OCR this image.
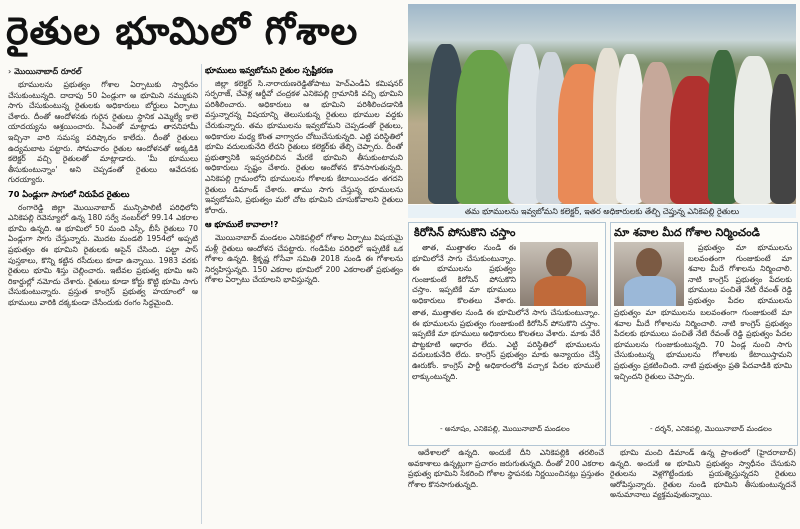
రైతుల భూమిలో గోశాల
తమ భూములను ఇవ్వబోమని కలెక్టర్‌, ఇతర అధికారులకు తేల్చి చెప్తున్న ఎనికెపల్లి రైతులు
› మొయినాబాద్ రూరల్

భూములను ప్రభుత్వం గోశాల ఏర్పాటుకు స్వాధీనం చేసుకుంటున్నది. దాదాపు 50 ఏండ్లుగా ఆ భూమిని నమ్ముకుని సాగు చేసుకుంటున్న రైతులకు అధికారులు బోర్డులు ఏర్పాటు చేశారు. దీంతో ఆందోళనకు గురైన రైతులు స్థానిక ఎమ్మెల్యే కాలె యాదయ్యను ఆశ్రయించారు. సీఎంతో మాట్లాడు తాననిహామీ ఇచ్చినా వారి సమస్య పరిష్కారం కాలేదు. దీంతో రైతులు ఉద్యమబాట పట్టారు. సోమవారం రైతుల ఆందోళనతో అక్కడికి కలెక్టర్ వచ్చి రైతులతో మాట్లాడారు. 'మీ భూములు తీసుకుంటున్నాం' అని చెప్పడంతో రైతులు ఆవేదనకు గురయ్యారు.

70 ఏండ్లుగా సాగులో నిరుపేద రైతులు

రంగారెడ్డి జిల్లా మొయినాబాద్ మున్సిపాలిటీ పరిధిలోని ఎనికెపల్లి రెవెన్యూలో ఉన్న 180 సర్వే నంబర్‌లో 99.14 ఎకరాల భూమి ఉన్నది. ఆ భూమిలో 50 మంది ఎస్సీ, బీసీ రైతులు 70 ఏండ్లుగా సాగు చేస్తున్నారు. మొదట మండలి 1954లో అప్పటి ప్రభుత్వం ఈ భూమిని రైతులకు అసైన్ చేసింది. పట్టా పాస్ పుస్తకాలు, కొన్ని కట్టిన రసీదులు కూడా ఉన్నాయి. 1983 వరకు రైతులు భూమి శిస్తు చెల్లించారు. ఇటీవల ప్రభుత్వ భూమి అని రికార్డుల్లో నమోదు చేశారు. రైతులు కూడా కోర్టు కొట్టి భూమి సాగు చేసుకుంటున్నారు. ప్రస్తుత కాంగ్రెస్ ప్రభుత్వ హయాంలో ఆ భూములు వారికి దక్కకుండా చేసేందుకు రంగం సిద్ధమైంది.

భూములు ఇవ్వబోమని రైతుల స్పష్టీకరణ

జిల్లా కలెక్టర్ సి.నారాయణరెడ్డితోపాటు హెచ్‌ఎండీఏ కమిషనర్ సర్ఫరాజ్, చేవెళ్ల ఆర్డీవో చంద్రకళ ఎనికెపల్లి గ్రామానికి వచ్చి భూమిని పరిశీలించారు. అధికారులు ఆ భూమిని పరిశీలించడానికి వస్తున్నారన్న విషయాన్ని తెలుసుకున్న రైతులు భూముల వద్దకు చేరుకున్నారు. తమ భూములను ఇవ్వబోమని చెప్పడంతో రైతులు, అధికారుల మధ్య కొంత వాగ్వాదం చోటుచేసుకున్నది. ఎట్టి పరిస్థితిలో భూమి వదులుకునేది లేదని రైతులు కలెక్టర్‌కు తేల్చి చెప్పారు. దీంతో ప్రభుత్వానికి ఇవ్వదలిచిన మేరకే భూమిని తీసుకుంటామని అధికారులు స్పష్టం చేశారు. రైతుల ఆందోళన కొనసాగుతున్నది. ఎనికెపల్లి గ్రామంలోని భూములను గోశాలకు కేటాయించడం తగదని రైతులు డిమాండ్ చేశారు. తాము సాగు చేస్తున్న భూములను ఇవ్వబోమని, ప్రభుత్వం మరో చోట భూమిని చూసుకోవాలని రైతులు కోరారు.

ఆ భూములే కావాలా!?

మొయినాబాద్ మండలం ఎనికెపల్లిలో గోశాల ఏర్పాటు విషయమై మళ్లీ రైతులు ఆందోళన చేపట్టారు. గండిపేట పరిధిలో ఇప్పటికే ఒక గోశాల ఉన్నది. శ్రీకృష్ణ గోసేవా సమితి 2018 నుండి ఈ గోశాలను నిర్వహిస్తున్నది. 150 ఎకరాల భూమిలో 200 ఎకరాలతో ప్రభుత్వం గోశాల ఏర్పాటు చేయాలని భావిస్తున్నది.

కిరోసిన్ పోసుకొని చస్తాం

తాత, ముత్తాతల నుండి ఈ భూమిలోనే సాగు చేసుకుంటున్నాం. ఈ భూములను ప్రభుత్వం గుంజుకుంటే కిరోసిన్ పోసుకొని చస్తాం. ఇప్పటికే మా భూములు అధికారులు కొలతలు వేశారు.

తాత, ముత్తాతల నుండి ఈ భూమిలోనే సాగు చేసుకుంటున్నాం. ఈ భూములను ప్రభుత్వం గుంజుకుంటే కిరోసిన్ పోసుకొని చస్తాం. ఇప్పటికే మా భూములు అధికారులు కొలతలు వేశారు. మాకు వేరే పొట్టకూటి ఆధారం లేదు. ఎట్టి పరిస్థితిలో భూములను వదులుకునేది లేదు. కాంగ్రెస్ ప్రభుత్వం మాకు అన్యాయం చేస్తే ఊరుకోం. కాంగ్రెస్ పార్టీ అధికారంలోకి వచ్చాక పేదల భూములే లాక్కుంటున్నది.

- అనూషం, ఎనికెపల్లి, మొయినాబాద్ మండలం
మా శవాల మీద గోశాల నిర్మించండి

ప్రభుత్వం మా భూములను బలవంతంగా గుంజుకుంటే మా శవాల మీదే గోశాలను నిర్మించాలి. నాటి కాంగ్రెస్ ప్రభుత్వం పేదలకు భూములు పంచితే నేటి రేవంత్ రెడ్డి ప్రభుత్వం పేదల భూములను

ప్రభుత్వం మా భూములను బలవంతంగా గుంజుకుంటే మా శవాల మీదే గోశాలను నిర్మించాలి. నాటి కాంగ్రెస్ ప్రభుత్వం పేదలకు భూములు పంచితే నేటి రేవంత్ రెడ్డి ప్రభుత్వం పేదల భూములను గుంజుకుంటున్నది. 70 ఏండ్ల నుంచి సాగు చేసుకుంటున్న భూములను గోశాలకు కేటాయిస్తామని ప్రభుత్వం ప్రకటించింది. నాటి ప్రభుత్వం ప్రతి పేదవాడికి భూమి ఇచ్చిందని రైతులు చెప్పారు.

- దర్శన్, ఎనికెపల్లి, మొయినాబాద్ మండలం

ఆదేశాలలో ఉన్నది. అందుకే దీని ఎనికెపల్లికి తరలించే అవకాశాలు ఉన్నట్లుగా ప్రచారం జరుగుతున్నది. దీంతో 200 ఎకరాల ప్రభుత్వ భూమిని సేకరించి గోశాల స్థాపనకు నిర్ణయించినట్లు ప్రస్తుతం గోశాల కొనసాగుతున్నది.

భూమి మంచి డిమాండ్ ఉన్న ప్రాంతంలో (హైదరాబాద్) ఉన్నది. అందుకే ఆ భూమిని ప్రభుత్వం స్వాధీనం చేసుకుని రైతులను వెళ్లగొట్టేందుకు ప్రయత్నిస్తున్నదని రైతులు ఆరోపిస్తున్నారు. రైతుల నుండి భూమిని తీసుకుంటున్నదనే అనుమానాలు వ్యక్తమవుతున్నాయి.
